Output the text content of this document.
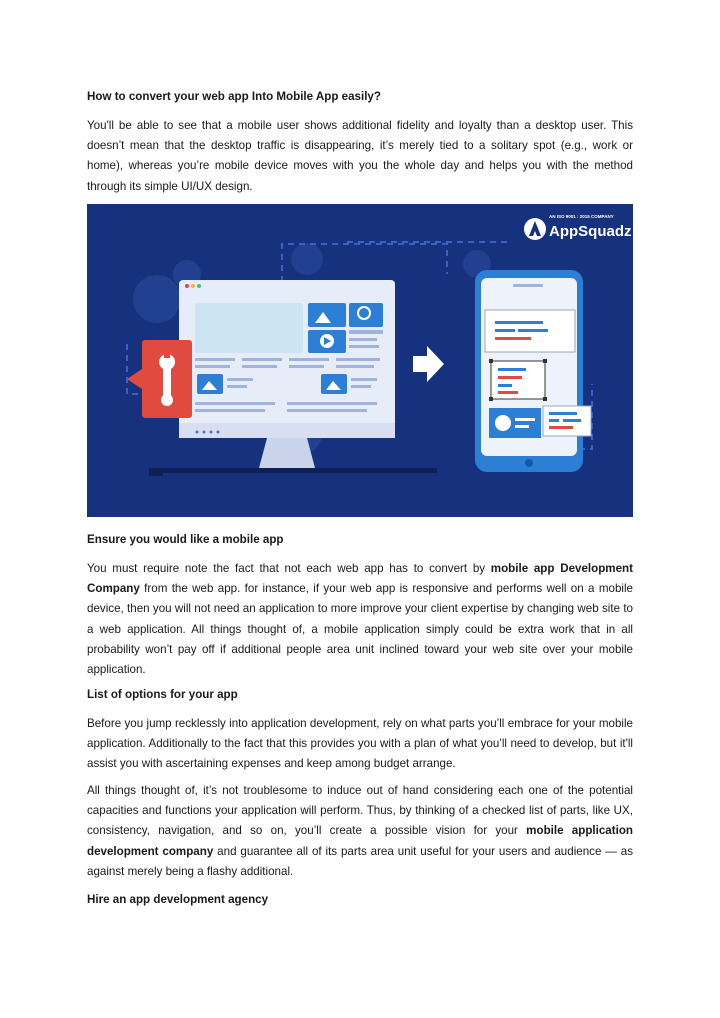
How to convert your web app Into Mobile App easily?

You'll be able to see that a mobile user shows additional fidelity and loyalty than a desktop user. This doesn’t mean that the desktop traffic is disappearing, it’s merely tied to a solitary spot (e.g., work or home), whereas you’re mobile device moves with you the whole day and helps you with the method through its simple UI/UX design.

AN ISO 9001 : 2015 COMPANY
AppSquadz

Ensure you would like a mobile app

You must require note the fact that not each web app has to convert by mobile app Development Company from the web app. for instance, if your web app is responsive and performs well on a mobile device, then you will not need an application to more improve your client expertise by changing web site to a web application. All things thought of, a mobile application simply could be extra work that in all probability won’t pay off if additional people area unit inclined toward your web site over your mobile application.

List of options for your app

Before you jump recklessly into application development, rely on what parts you’ll embrace for your mobile application. Additionally to the fact that this provides you with a plan of what you’ll need to develop, but it'll assist you with ascertaining expenses and keep among budget arrange.

All things thought of, it’s not troublesome to induce out of hand considering each one of the potential capacities and functions your application will perform. Thus, by thinking of a checked list of parts, like UX, consistency, navigation, and so on, you’ll create a possible vision for your mobile application development company and guarantee all of its parts area unit useful for your users and audience — as against merely being a flashy additional.

Hire an app development agency
